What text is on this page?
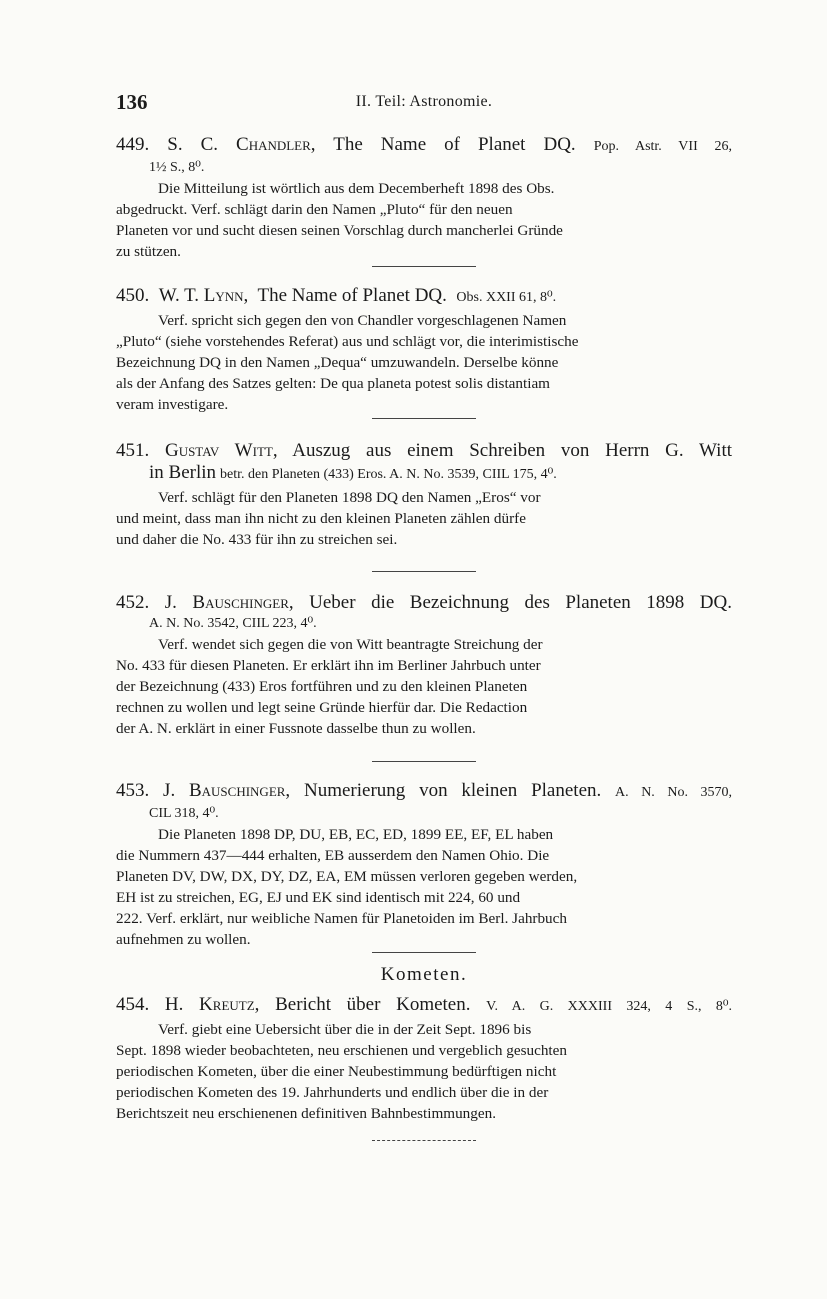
136	II. Teil: Astronomie.
449. S. C. Chandler, The Name of Planet DQ. Pop. Astr. VII 26,
1½ S., 8⁰.

Die Mitteilung ist wörtlich aus dem Decemberheft 1898 des Obs.

abgedruckt. Verf. schlägt darin den Namen „Pluto“ für den neuen

Planeten vor und sucht diesen seinen Vorschlag durch mancherlei Gründe

zu stützen.

450. W. T. Lynn, The Name of Planet DQ. Obs. XXII 61, 8⁰.

Verf. spricht sich gegen den von Chandler vorgeschlagenen Namen

„Pluto“ (siehe vorstehendes Referat) aus und schlägt vor, die interimistische

Bezeichnung DQ in den Namen „Dequa“ umzuwandeln. Derselbe könne

als der Anfang des Satzes gelten: De qua planeta potest solis distantiam

veram investigare.

451. Gustav Witt, Auszug aus einem Schreiben von Herrn G. Witt
in Berlin betr. den Planeten (433) Eros. A. N. No. 3539, CIIL 175, 4⁰.

Verf. schlägt für den Planeten 1898 DQ den Namen „Eros“ vor

und meint, dass man ihn nicht zu den kleinen Planeten zählen dürfe

und daher die No. 433 für ihn zu streichen sei.

452. J. Bauschinger, Ueber die Bezeichnung des Planeten 1898 DQ.
A. N. No. 3542, CIIL 223, 4⁰.

Verf. wendet sich gegen die von Witt beantragte Streichung der

No. 433 für diesen Planeten. Er erklärt ihn im Berliner Jahrbuch unter

der Bezeichnung (433) Eros fortführen und zu den kleinen Planeten

rechnen zu wollen und legt seine Gründe hierfür dar. Die Redaction

der A. N. erklärt in einer Fussnote dasselbe thun zu wollen.

453. J. Bauschinger, Numerierung von kleinen Planeten. A. N. No. 3570,
CIL 318, 4⁰.

Die Planeten 1898 DP, DU, EB, EC, ED, 1899 EE, EF, EL haben

die Nummern 437—444 erhalten, EB ausserdem den Namen Ohio. Die

Planeten DV, DW, DX, DY, DZ, EA, EM müssen verloren gegeben werden,

EH ist zu streichen, EG, EJ und EK sind identisch mit 224, 60 und

222. Verf. erklärt, nur weibliche Namen für Planetoiden im Berl. Jahrbuch

aufnehmen zu wollen.

Kometen.
454. H. Kreutz, Bericht über Kometen. V. A. G. XXXIII 324, 4 S., 8⁰.

Verf. giebt eine Uebersicht über die in der Zeit Sept. 1896 bis

Sept. 1898 wieder beobachteten, neu erschienen und vergeblich gesuchten

periodischen Kometen, über die einer Neubestimmung bedürftigen nicht

periodischen Kometen des 19. Jahrhunderts und endlich über die in der

Berichtszeit neu erschienenen definitiven Bahnbestimmungen.
